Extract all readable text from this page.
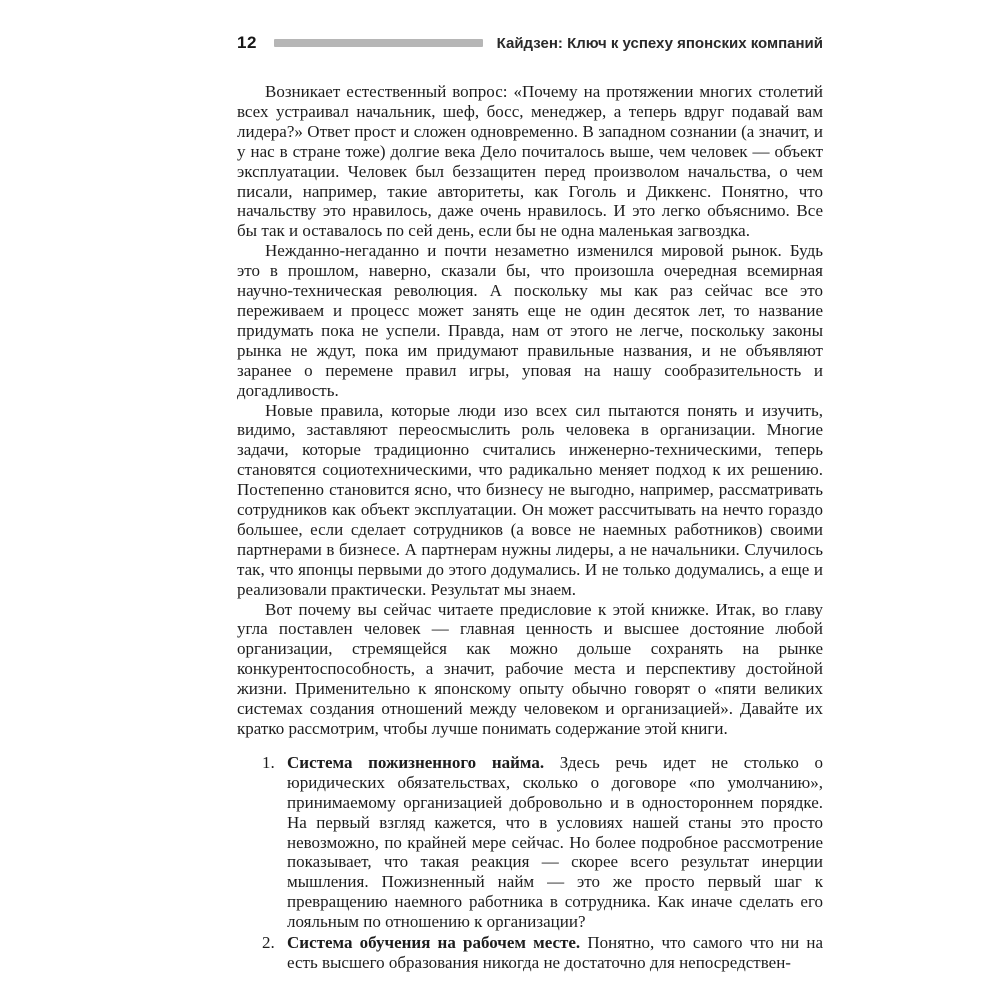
12	Кайдзен: Ключ к успеху японских компаний

Возникает естественный вопрос: «Почему на протяжении многих столетий всех устраивал начальник, шеф, босс, менеджер, а теперь вдруг подавай вам лидера?» Ответ прост и сложен одновременно. В западном сознании (а значит, и у нас в стране тоже) долгие века Дело почиталось выше, чем человек — объект эксплуатации. Человек был беззащитен перед произволом начальства, о чем писали, например, такие авторитеты, как Гоголь и Диккенс. Понятно, что начальству это нравилось, даже очень нравилось. И это легко объяснимо. Все бы так и оставалось по сей день, если бы не одна маленькая загвоздка.

Нежданно-негаданно и почти незаметно изменился мировой рынок. Будь это в прошлом, наверно, сказали бы, что произошла очередная всемирная научно-техническая революция. А поскольку мы как раз сейчас все это переживаем и процесс может занять еще не один десяток лет, то название придумать пока не успели. Правда, нам от этого не легче, поскольку законы рынка не ждут, пока им придумают правильные названия, и не объявляют заранее о перемене правил игры, уповая на нашу сообразительность и догадливость.

Новые правила, которые люди изо всех сил пытаются понять и изучить, видимо, заставляют переосмыслить роль человека в организации. Многие задачи, которые традиционно считались инженерно-техническими, теперь становятся социотехническими, что радикально меняет подход к их решению. Постепенно становится ясно, что бизнесу не выгодно, например, рассматривать сотрудников как объект эксплуатации. Он может рассчитывать на нечто гораздо большее, если сделает сотрудников (а вовсе не наемных работников) своими партнерами в бизнесе. А партнерам нужны лидеры, а не начальники. Случилось так, что японцы первыми до этого додумались. И не только додумались, а еще и реализовали практически. Результат мы знаем.

Вот почему вы сейчас читаете предисловие к этой книжке. Итак, во главу угла поставлен человек — главная ценность и высшее достояние любой организации, стремящейся как можно дольше сохранять на рынке конкурентоспособность, а значит, рабочие места и перспективу достойной жизни. Применительно к японскому опыту обычно говорят о «пяти великих системах создания отношений между человеком и организацией». Давайте их кратко рассмотрим, чтобы лучше понимать содержание этой книги.

1. Система пожизненного найма. Здесь речь идет не столько о юридических обязательствах, сколько о договоре «по умолчанию», принимаемому организацией добровольно и в одностороннем порядке. На первый взгляд кажется, что в условиях нашей станы это просто невозможно, по крайней мере сейчас. Но более подробное рассмотрение показывает, что такая реакция — скорее всего результат инерции мышления. Пожизненный найм — это же просто первый шаг к превращению наемного работника в сотрудника. Как иначе сделать его лояльным по отношению к организации?
2. Система обучения на рабочем месте. Понятно, что самого что ни на есть высшего образования никогда не достаточно для непосредствен-
